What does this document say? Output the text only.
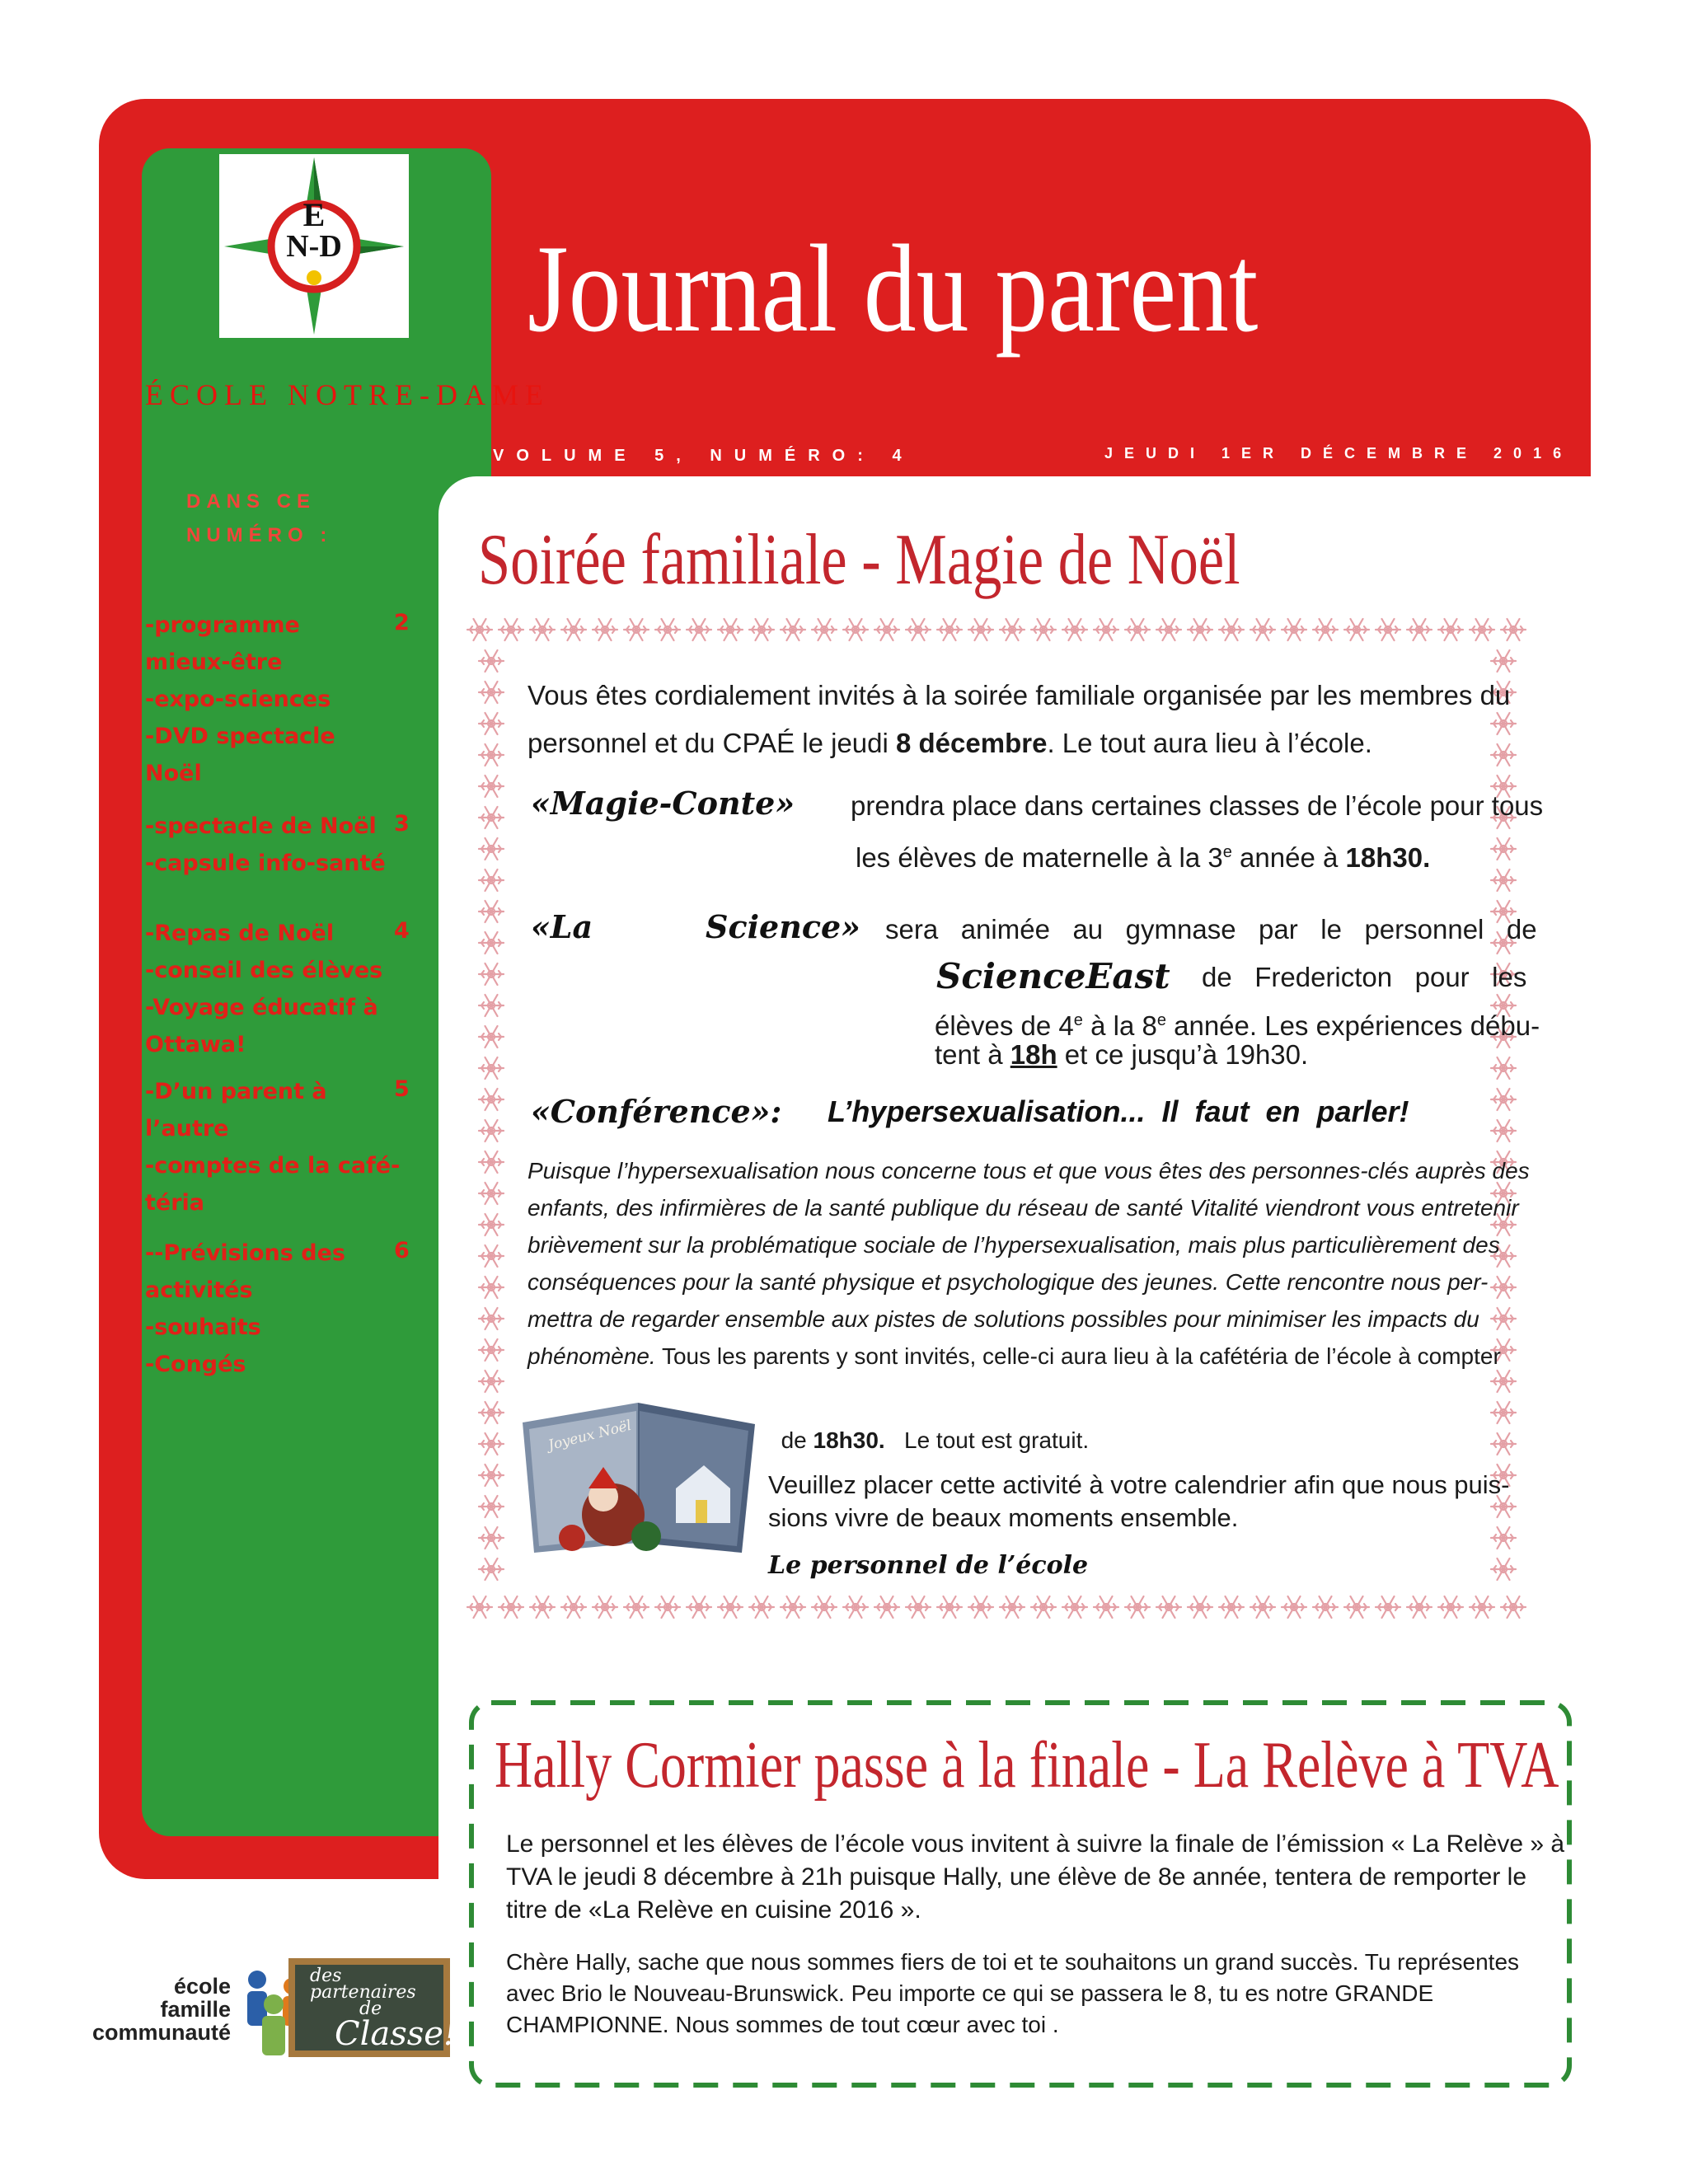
E
N-D
ÉCOLE NOTRE-DAME
Journal du parent
VOLUME 5, NUMÉRO: 4	JEUDI 1ER DÉCEMBRE 2016
DANS CE NUMÉRO :
-programme
mieux-être
-expo-sciences
-DVD spectacle
Noël
2
-spectacle de Noël
-capsule info-santé
3
-Repas de Noël
-conseil des élèves
-Voyage éducatif à
Ottawa!
4
-D’un parent à
l’autre
-comptes de la café-
téria
5
--Prévisions des
activités
-souhaits
-Congés
6
Soirée familiale - Magie de Noël
Vous êtes cordialement invités à la soirée familiale organisée par les membres du
personnel et du CPAÉ le jeudi 8 décembre. Le tout aura lieu à l’école.
«Magie-Conte» prendra place dans certaines classes de l’école pour tous
les élèves de maternelle à la 3e année à 18h30.
«La	Science» sera   animée   au   gymnase   par   le   personnel   de
ScienceEast de   Fredericton   pour   les
élèves de 4e à la 8e année. Les expériences débu-
tent à 18h et ce jusqu’à 19h30.
«Conférence»: L’hypersexualisation...  Il  faut  en  parler!
Puisque l’hypersexualisation nous concerne tous et que vous êtes des personnes-clés auprès des
enfants, des infirmières de la santé publique du réseau de santé Vitalité viendront vous entretenir
brièvement sur la problématique sociale de l’hypersexualisation, mais plus particulièrement des
conséquences pour la santé physique et psychologique des jeunes. Cette rencontre nous per-
mettra de regarder ensemble aux pistes de solutions possibles pour minimiser les impacts du
phénomène. Tous les parents y sont invités, celle-ci aura lieu à la cafétéria de l’école à compter

de 18h30.   Le tout est gratuit.

Joyeux Noël
Veuillez placer cette activité à votre calendrier afin que nous puis-
sions vivre de beaux moments ensemble.
Le personnel de l’école
Hally Cormier passe à la finale - La Relève à TVA
Le personnel et les élèves de l’école vous invitent à suivre la finale de l’émission « La Relève » à
TVA le jeudi 8 décembre à 21h puisque Hally, une élève de 8e année, tentera de remporter le
titre de «La Relève en cuisine 2016 ».
Chère Hally, sache que nous sommes fiers de toi et te souhaitons un grand succès. Tu représentes
avec Brio le Nouveau-Brunswick. Peu importe ce qui se passera le 8, tu es notre GRANDE
CHAMPIONNE. Nous sommes de tout cœur avec toi .
école
famille
communauté
des
partenaires
de
Classe!
